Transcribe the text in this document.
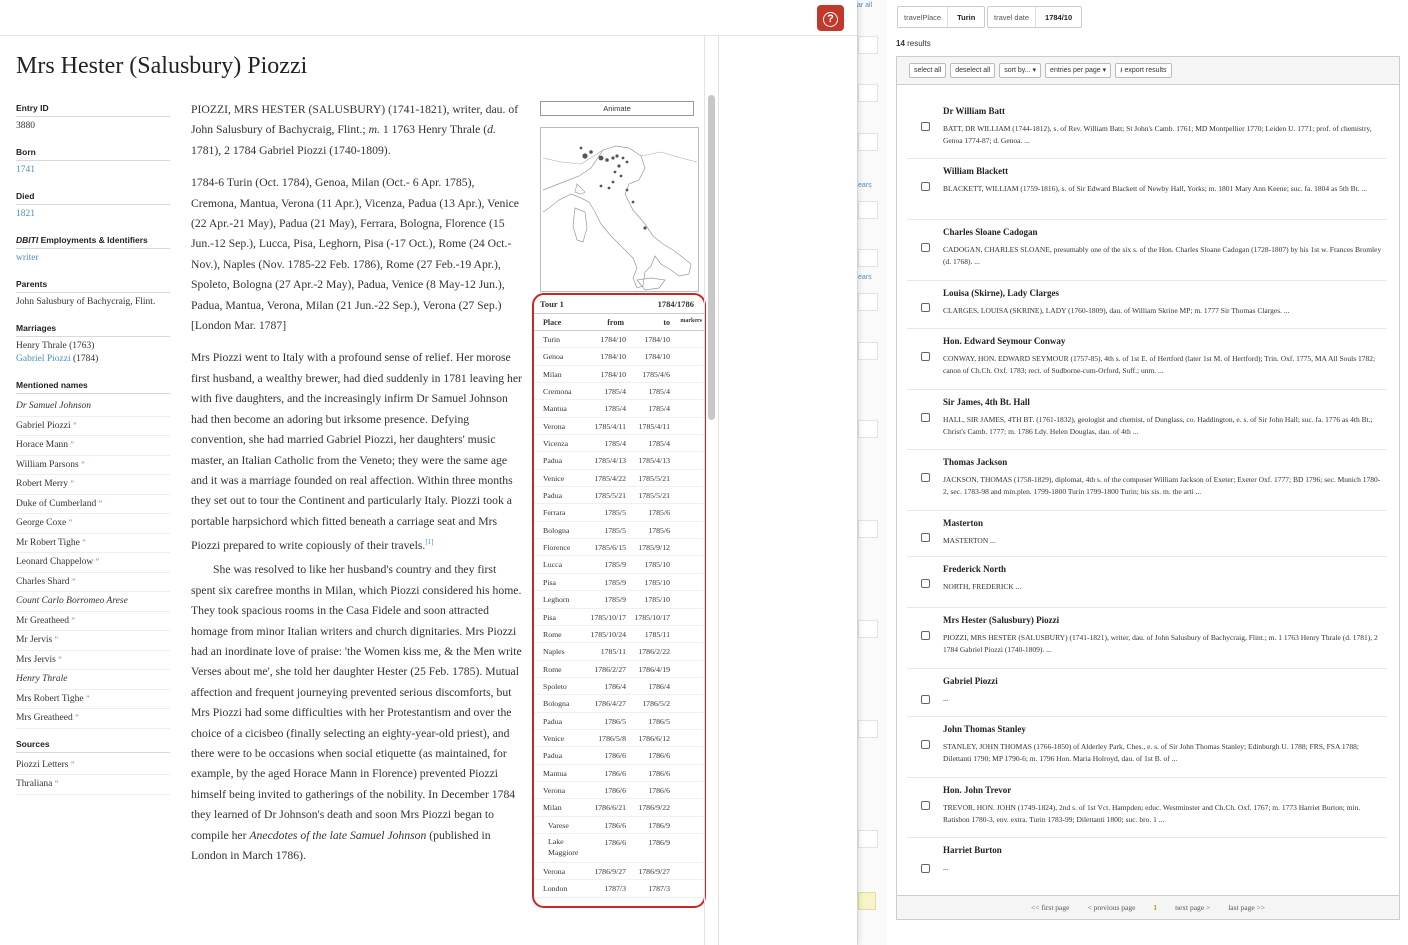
ar all
ears
ears
?
Mrs Hester (Salusbury) Piozzi
Entry ID
3880
Born
1741
Died
1821
DBITI Employments & Identifiers
writer
Parents
John Salusbury of Bachycraig, Flint.
Marriages
Henry Thrale (1763)
Gabriel Piozzi (1784)
Mentioned names
Dr Samuel Johnson
Gabriel Piozzi ”
Horace Mann ”
William Parsons ”
Robert Merry ”
Duke of Cumberland ”
George Coxe ”
Mr Robert Tighe ”
Leonard Chappelow ”
Charles Shard ”
Count Carlo Borromeo Arese
Mr Greatheed ”
Mr Jervis ”
Mrs Jervis ”
Henry Thrale
Mrs Robert Tighe ”
Mrs Greatheed ”
Sources
Piozzi Letters ”
Thraliana ”

PIOZZI, MRS HESTER (SALUSBURY) (1741-1821), writer, dau. of John Salusbury of Bachycraig, Flint.; m. 1 1763 Henry Thrale (d. 1781), 2 1784 Gabriel Piozzi (1740-1809).

1784-6 Turin (Oct. 1784), Genoa, Milan (Oct.- 6 Apr. 1785), Cremona, Mantua, Verona (11 Apr.), Vicenza, Padua (13 Apr.), Venice (22 Apr.-21 May), Padua (21 May), Ferrara, Bologna, Florence (15 Jun.-12 Sep.), Lucca, Pisa, Leghorn, Pisa (-17 Oct.), Rome (24 Oct.-Nov.), Naples (Nov. 1785-22 Feb. 1786), Rome (27 Feb.-19 Apr.), Spoleto, Bologna (27 Apr.-2 May), Padua, Venice (8 May-12 Jun.), Padua, Mantua, Verona, Milan (21 Jun.-22 Sep.), Verona (27 Sep.) [London Mar. 1787]

Mrs Piozzi went to Italy with a profound sense of relief. Her morose first husband, a wealthy brewer, had died suddenly in 1781 leaving her with five daughters, and the increasingly infirm Dr Samuel Johnson had then become an adoring but irksome presence. Defying convention, she had married Gabriel Piozzi, her daughters' music master, an Italian Catholic from the Veneto; they were the same age and it was a marriage founded on real affection. Within three months they set out to tour the Continent and particularly Italy. Piozzi took a portable harpsichord which fitted beneath a carriage seat and Mrs Piozzi prepared to write copiously of their travels.[1]

She was resolved to like her husband's country and they first spent six carefree months in Milan, which Piozzi considered his home. They took spacious rooms in the Casa Fidele and soon attracted homage from minor Italian writers and church dignitaries. Mrs Piozzi had an inordinate love of praise: 'the Women kiss me, & the Men write Verses about me', she told her daughter Hester (25 Feb. 1785). Mutual affection and frequent journeying prevented serious discomforts, but Mrs Piozzi had some difficulties with her Protestantism and over the choice of a cicisbeo (finally selecting an eighty-year-old priest), and there were to be occasions when social etiquette (as maintained, for example, by the aged Horace Mann in Florence) prevented Piozzi himself being invited to gatherings of the nobility. In December 1784 they learned of Dr Johnson's death and soon Mrs Piozzi began to compile her Anecdotes of the late Samuel Johnson (published in London in March 1786).

Animate
Tour 1	1784/1786
Place	from	to markers
Turin	1784/10 1784/10
Genoa	1784/10 1784/10
Milan	1784/10 1785/4/6
Cremona	1785/4	1785/4
Mantua	1785/4	1785/4
Verona	1785/4/11 1785/4/11
Vicenza	1785/4	1785/4
Padua	1785/4/13 1785/4/13
Venice	1785/4/22 1785/5/21
Padua	1785/5/21 1785/5/21
Ferrara	1785/5	1785/6
Bologna	1785/5	1785/6
Florence	1785/6/15 1785/9/12
Lucca	1785/9 1785/10
Pisa	1785/9 1785/10
Leghorn	1785/9 1785/10
Pisa	1785/10/17 1785/10/17
Rome	1785/10/24 1785/11
Naples	1785/11 1786/2/22
Rome	1786/2/27 1786/4/19
Spoleto	1786/4	1786/4
Bologna	1786/4/27 1786/5/2
Padua	1786/5	1786/5
Venice	1786/5/8 1786/6/12
Padua	1786/6	1786/6
Mantua	1786/6	1786/6
Verona	1786/6	1786/6
Milan	1786/6/21 1786/9/22
Varese	1786/6	1786/9
Lake Maggiore
1786/6	1786/9
Verona	1786/9/27 1786/9/27
London	1787/3	1787/3
travelPlace	Turin	travel date	1784/10
14 results
select all	deselect all	sort by... ▾	entries per page ▾	⭳ export results
Dr William Batt
BATT, DR WILLIAM (1744-1812), s. of Rev. William Batt; St John's Camb. 1761; MD Montpellier 1770; Leiden U. 1771; prof. of chemistry, Genoa 1774-87; d. Genoa. ...
William Blackett
BLACKETT, WILLIAM (1759-1816), s. of Sir Edward Blackett of Newby Hall, Yorks; m. 1801 Mary Ann Keene; suc. fa. 1804 as 5th Bt. ...
Charles Sloane Cadogan
CADOGAN, CHARLES SLOANE, presumably one of the six s. of the Hon. Charles Sloane Cadogan (1728-1807) by his 1st w. Frances Bromley (d. 1768). ...
Louisa (Skirne), Lady Clarges
CLARGES, LOUISA (SKRINE), LADY (1760-1809), dau. of William Skrine MP; m. 1777 Sir Thomas Clarges. ...
Hon. Edward Seymour Conway
CONWAY, HON. EDWARD SEYMOUR (1757-85), 4th s. of 1st E. of Hertford (later 1st M. of Hertford); Trin. Oxf. 1775, MA All Souls 1782; canon of Ch.Ch. Oxf. 1783; rect. of Sudborne-cum-Orford, Suff.; unm. ...
Sir James, 4th Bt. Hall
HALL, SIR JAMES, 4TH BT. (1761-1832), geologist and chemist, of Dunglass, co. Haddington, e. s. of Sir John Hall; suc. fa. 1776 as 4th Bt.; Christ's Camb. 1777; m. 1786 Ldy. Helen Douglas, dau. of 4th ...
Thomas Jackson
JACKSON, THOMAS (1758-1829), diplomat, 4th s. of the composer William Jackson of Exeter; Exeter Oxf. 1777; BD 1796; sec. Munich 1780-2, sec. 1783-98 and min.plen. 1799-1800 Turin 1799-1800 Turin; his sis. m. the arti ...
Masterton
MASTERTON ...
Frederick North
NORTH, FREDERICK ...
Mrs Hester (Salusbury) Piozzi
PIOZZI, MRS HESTER (SALUSBURY) (1741-1821), writer, dau. of John Salusbury of Bachycraig, Flint.; m. 1 1763 Henry Thrale (d. 1781), 2 1784 Gabriel Piozzi (1740-1809). ...
Gabriel Piozzi
...
John Thomas Stanley
STANLEY, JOHN THOMAS (1766-1850) of Alderley Park, Ches., e. s. of Sir John Thomas Stanley; Edinburgh U. 1788; FRS, FSA 1788; Dilettanti 1790; MP 1790-6; m. 1796 Hon. Maria Holroyd, dau. of 1st B. of ...
Hon. John Trevor
TREVOR, HON. JOHN (1749-1824), 2nd s. of 1st Vct. Hampden; educ. Westminster and Ch.Ch. Oxf. 1767; m. 1773 Harriet Burton; min. Ratisbon 1780-3, env. extra. Turin 1783-99; Dilettanti 1800; suc. bro. 1 ...
Harriet Burton
...
<< first page < previous page 1 next page > last page >>
